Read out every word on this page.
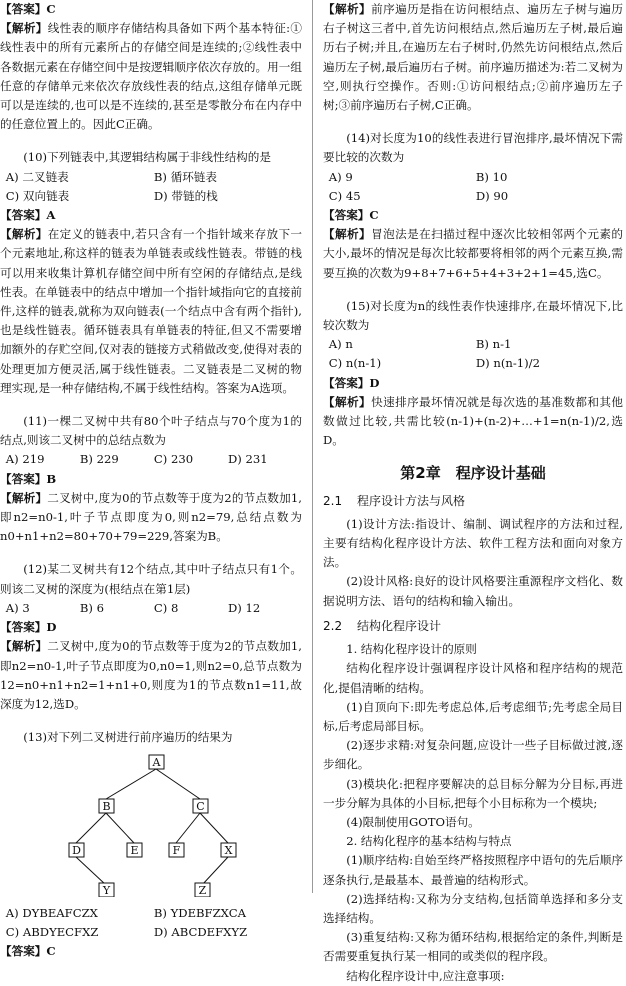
【答案】C

【解析】线性表的顺序存储结构具备如下两个基本特征:①线性表中的所有元素所占的存储空间是连续的;②线性表中各数据元素在存储空间中是按逻辑顺序依次存放的。用一组任意的存储单元来依次存放线性表的结点,这组存储单元既可以是连续的,也可以是不连续的,甚至是零散分布在内存中的任意位置上的。因此C正确。

(10)下列链表中,其逻辑结构属于非线性结构的是

A) 二叉链表	B) 循环链表
C) 双向链表	D) 带链的栈

【答案】A

【解析】在定义的链表中,若只含有一个指针域来存放下一个元素地址,称这样的链表为单链表或线性链表。带链的栈可以用来收集计算机存储空间中所有空闲的存储结点,是线性表。在单链表中的结点中增加一个指针域指向它的直接前件,这样的链表,就称为双向链表(一个结点中含有两个指针),也是线性链表。循环链表具有单链表的特征,但又不需要增加额外的存贮空间,仅对表的链接方式稍做改变,使得对表的处理更加方便灵活,属于线性链表。二叉链表是二叉树的物理实现,是一种存储结构,不属于线性结构。答案为A选项。

(11)一棵二叉树中共有80个叶子结点与70个度为1的结点,则该二叉树中的总结点数为

A) 219	B) 229	C) 230	D) 231

【答案】B

【解析】二叉树中,度为0的节点数等于度为2的节点数加1,即n2=n0-1,叶子节点即度为0,则n2=79,总结点数为n0+n1+n2=80+70+79=229,答案为B。

(12)某二叉树共有12个结点,其中叶子结点只有1个。则该二叉树的深度为(根结点在第1层)

A) 3	B) 6	C) 8	D) 12

【答案】D

【解析】二叉树中,度为0的节点数等于度为2的节点数加1,即n2=n0-1,叶子节点即度为0,n0=1,则n2=0,总节点数为12=n0+n1+n2=1+n1+0,则度为1的节点数n1=11,故深度为12,选D。

(13)对下列二叉树进行前序遍历的结果为

A
B	C
D	E	F	X
Y	Z
A) DYBEAFCZX	B) YDEBFZXCA
C) ABDYECFXZ	D) ABCDEFXYZ

【答案】C

【解析】前序遍历是指在访问根结点、遍历左子树与遍历右子树这三者中,首先访问根结点,然后遍历左子树,最后遍历右子树;并且,在遍历左右子树时,仍然先访问根结点,然后遍历左子树,最后遍历右子树。前序遍历描述为:若二叉树为空,则执行空操作。否则:①访问根结点;②前序遍历左子树;③前序遍历右子树,C正确。

(14)对长度为10的线性表进行冒泡排序,最坏情况下需要比较的次数为

A) 9	B) 10
C) 45	D) 90

【答案】C

【解析】冒泡法是在扫描过程中逐次比较相邻两个元素的大小,最坏的情况是每次比较都要将相邻的两个元素互换,需要互换的次数为9+8+7+6+5+4+3+2+1=45,选C。

(15)对长度为n的线性表作快速排序,在最坏情况下,比较次数为

A) n	B) n-1
C) n(n-1)	D) n(n-1)/2

【答案】D

【解析】快速排序最坏情况就是每次选的基准数都和其他数做过比较,共需比较(n-1)+(n-2)+…+1=n(n-1)/2,选D。

第2章　程序设计基础
2.1 程序设计方法与风格

(1)设计方法:指设计、编制、调试程序的方法和过程,主要有结构化程序设计方法、软件工程方法和面向对象方法。

(2)设计风格:良好的设计风格要注重源程序文档化、数据说明方法、语句的结构和输入输出。

2.2 结构化程序设计

1. 结构化程序设计的原则

结构化程序设计强调程序设计风格和程序结构的规范化,提倡清晰的结构。

(1)自顶向下:即先考虑总体,后考虑细节;先考虑全局目标,后考虑局部目标。

(2)逐步求精:对复杂问题,应设计一些子目标做过渡,逐步细化。

(3)模块化:把程序要解决的总目标分解为分目标,再进一步分解为具体的小目标,把每个小目标称为一个模块;

(4)限制使用GOTO语句。

2. 结构化程序的基本结构与特点

(1)顺序结构:自始至终严格按照程序中语句的先后顺序逐条执行,是最基本、最普遍的结构形式。

(2)选择结构:又称为分支结构,包括简单选择和多分支选择结构。

(3)重复结构:又称为循环结构,根据给定的条件,判断是否需要重复执行某一相同的或类似的程序段。

结构化程序设计中,应注意事项:
